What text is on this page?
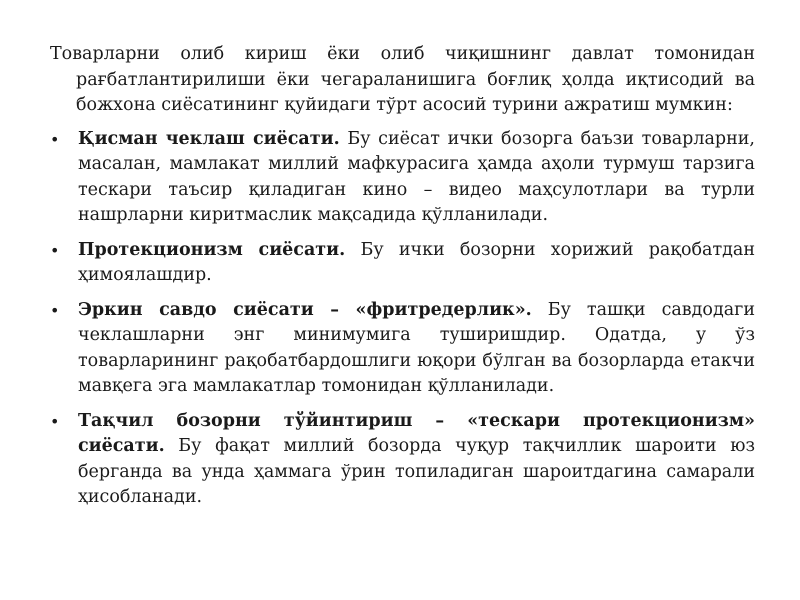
Товарларни олиб кириш ёки олиб чиқишнинг давлат томонидан рағбатлантирилиши ёки чегараланишига боғлиқ ҳолда иқтисодий ва божхона сиёсатининг қуйидаги тўрт асосий турини ажратиш мумкин:

• Қисман чеклаш сиёсати. Бу сиёсат ички бозорга баъзи товарларни, масалан, мамлакат миллий мафкурасига ҳамда аҳоли турмуш тарзига тескари таъсир қиладиган кино – видео маҳсулотлари ва турли нашрларни киритмаслик мақсадида қўлланилади.
• Протекционизм сиёсати. Бу ички бозорни хорижий рақобатдан ҳимоялашдир.
• Эркин савдо сиёсати – «фритредерлик». Бу ташқи савдодаги чеклашларни энг минимумига туширишдир. Одатда, у ўз товарларининг рақобатбардошлиги юқори бўлган ва бозорларда етакчи мавқега эга мамлакатлар томонидан қўлланилади.
• Тақчил бозорни тўйинтириш – «тескари протекционизм» сиёсати. Бу фақат миллий бозорда чуқур тақчиллик шароити юз берганда ва унда ҳаммага ўрин топиладиган шароитдагина самарали ҳисобланади.
